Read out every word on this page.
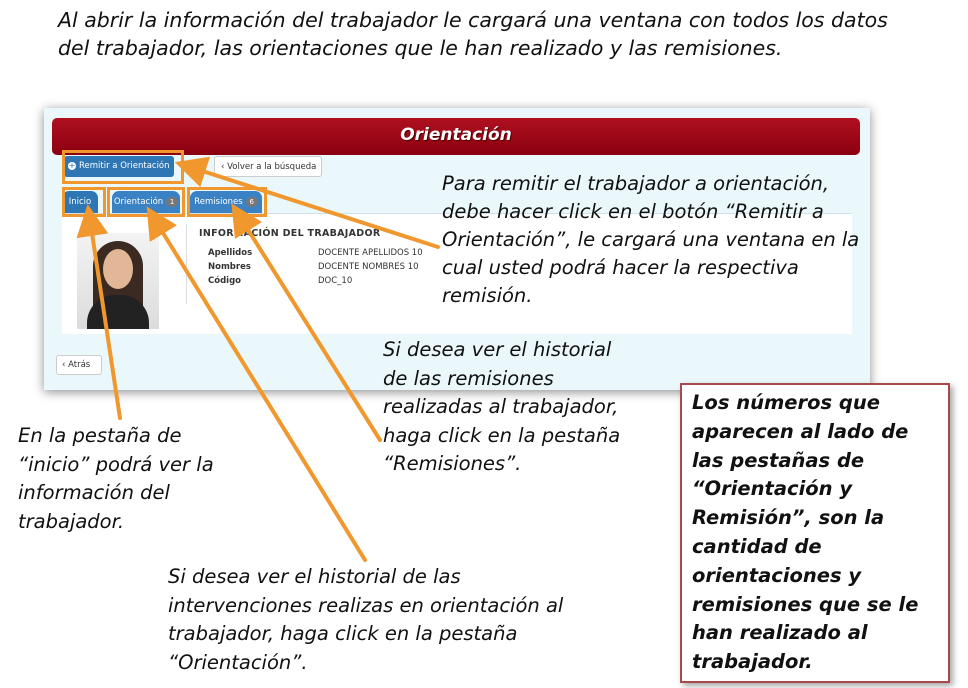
Al abrir la información del trabajador le cargará una ventana con todos los datos del trabajador, las orientaciones que le han realizado y las remisiones.
Orientación
+ Remitir a Orientación	‹ Volver a la búsqueda
Inicio	Orientación 1	Remisiones 6
INFORMACIÓN DEL TRABAJADOR
Apellidos	DOCENTE APELLIDOS 10
Nombres	DOCENTE NOMBRES 10
Código	DOC_10
‹ Atrás
Para remitir el trabajador a orientación, debe hacer click en el botón “Remitir a Orientación”, le cargará una ventana en la cual usted podrá hacer la respectiva remisión.
Si desea ver el historial de las remisiones realizadas al trabajador, haga click en la pestaña “Remisiones”.
En la pestaña de “inicio” podrá ver la información del trabajador.
Si desea ver el historial de las intervenciones realizas en orientación al trabajador, haga click en la pestaña “Orientación”.
Los números que aparecen al lado de las pestañas de “Orientación y Remisión”, son la cantidad de orientaciones y remisiones que se le han realizado al trabajador.
